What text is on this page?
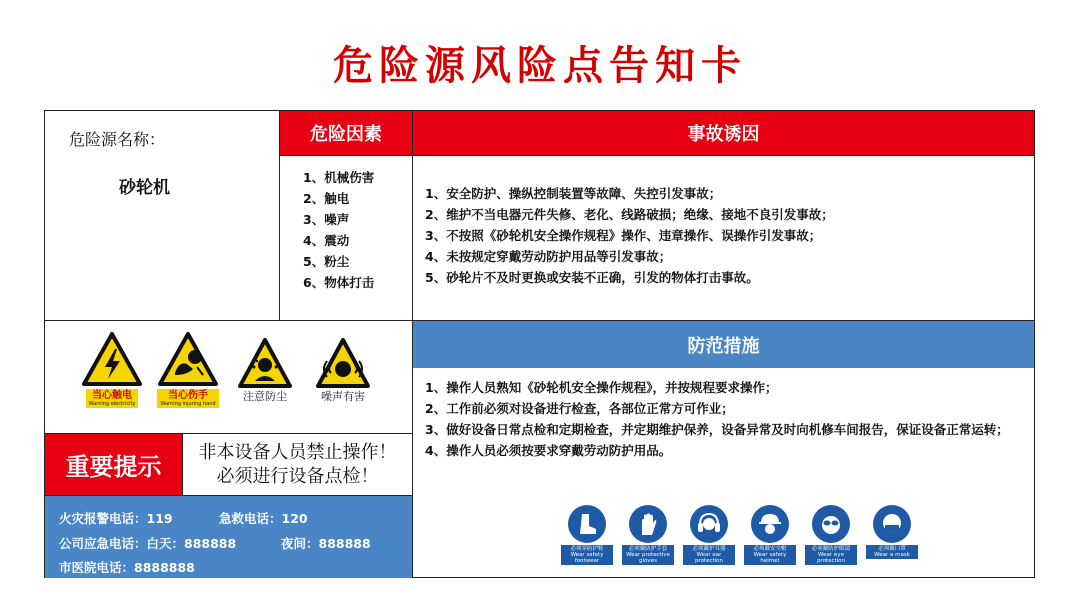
危险源风险点告知卡
危险源名称：
砂轮机
危险因素
1、机械伤害
2、触电
3、噪声
4、震动
5、粉尘
6、物体打击
事故诱因
1、安全防护、操纵控制装置等故障、失控引发事故；
2、维护不当电器元件失修、老化、线路破损；绝缘、接地不良引发事故；
3、不按照《砂轮机安全操作规程》操作、违章操作、误操作引发事故；
4、未按规定穿戴劳动防护用品等引发事故；
5、砂轮片不及时更换或安装不正确，引发的物体打击事故。
当心触电
Warning electricity
当心伤手
Warning injuring hand
注意防尘	噪声有害
重要提示
非本设备人员禁止操作！
必须进行设备点检！
火灾报警电话：119	急救电话：120
公司应急电话：白天：888888	夜间：888888
市医院电话：8888888
防范措施
1、操作人员熟知《砂轮机安全操作规程》，并按规程要求操作；
2、工作前必须对设备进行检查，各部位正常方可作业；
3、做好设备日常点检和定期检查，并定期维护保养，设备异常及时向机修车间报告，保证设备正常运转；
4、操作人员必须按要求穿戴劳动防护用品。
必须穿防护鞋
Wear safety footwear
必须戴防护手套
Wear protective gloves
必须戴护耳器
Wear ear protection
必须戴安全帽
Wear safety helmet
必须戴防护眼镜
Wear eye protection
必须戴口罩
Wear a mask
